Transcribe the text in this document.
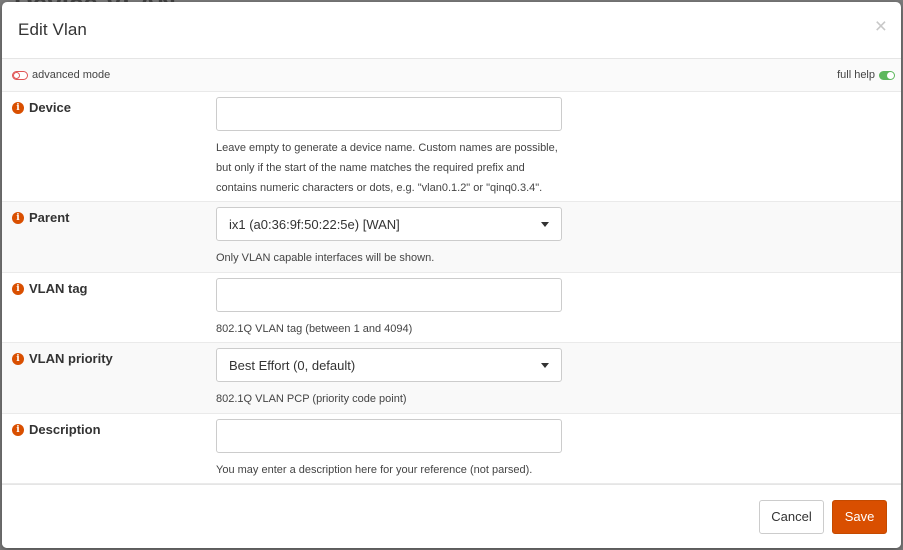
Edit Vlan	×
advanced mode	full help
i Device
Leave empty to generate a device name. Custom names are possible, but only if the start of the name matches the required prefix and contains numeric characters or dots, e.g. "vlan0.1.2" or "qinq0.3.4".
i Parent	ix1 (a0:36:9f:50:22:5e) [WAN]
Only VLAN capable interfaces will be shown.
i VLAN tag
802.1Q VLAN tag (between 1 and 4094)
i VLAN priority	Best Effort (0, default)
802.1Q VLAN PCP (priority code point)
i Description
You may enter a description here for your reference (not parsed).
Cancel	Save
